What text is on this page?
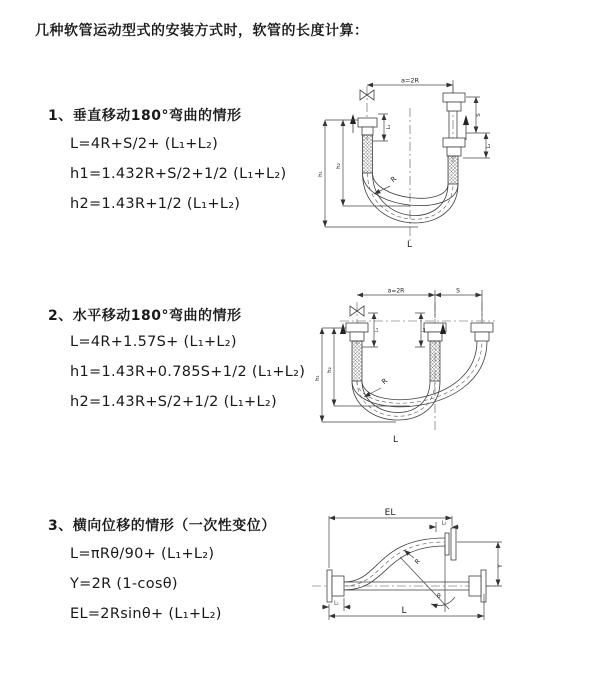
几种软管运动型式的安装方式时，软管的长度计算：
1、垂直移动180°弯曲的情形
L=4R+S/2+ (L₁+L₂)
h1=1.432R+S/2+1/2 (L₁+L₂)
h2=1.43R+1/2 (L₁+L₂)
2、水平移动180°弯曲的情形
L=4R+1.57S+ (L₁+L₂)
h1=1.43R+0.785S+1/2 (L₁+L₂)
h2=1.43R+S/2+1/2 (L₁+L₂)
3、横向位移的情形（一次性变位）
L=πRθ/90+ (L₁+L₂)
Y=2R (1-cosθ)
EL=2Rsinθ+ (L₁+L₂)
a=2R
L₁
S
L₂
h₁
h₂
R
L
a=2R	S
L₁	L₂
h₁
h₂
R
L
EL
L₂
Y
θ
R
L
L₁
